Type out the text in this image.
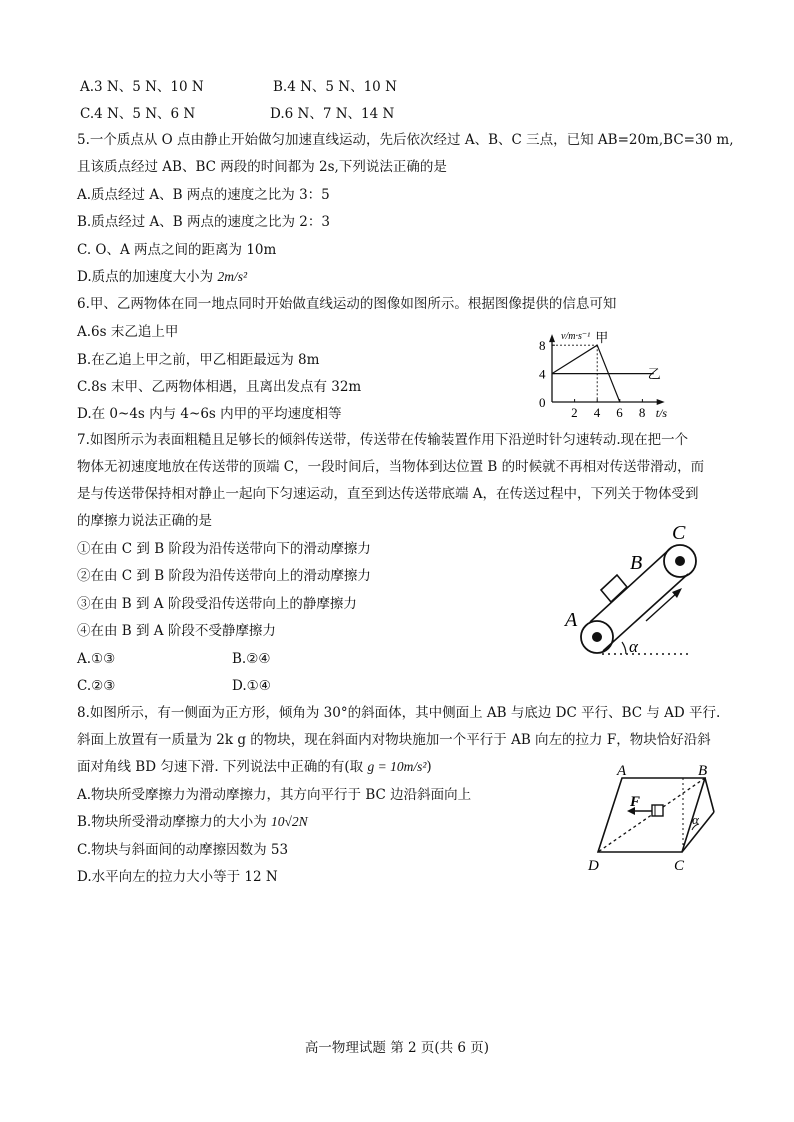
A.3 N、5 N、10 N	B.4 N、5 N、10 N
C.4 N、5 N、6 N	D.6 N、7 N、14 N
5.一个质点从 O 点由静止开始做匀加速直线运动，先后依次经过 A、B、C 三点，已知 AB=20m,BC=30 m,
且该质点经过 AB、BC 两段的时间都为 2s,下列说法正确的是
A.质点经过 A、B 两点的速度之比为 3：5
B.质点经过 A、B 两点的速度之比为 2：3
C. O、A 两点之间的距离为 10m
D.质点的加速度大小为 2m/s²
6.甲、乙两物体在同一地点同时开始做直线运动的图像如图所示。根据图像提供的信息可知
A.6s 末乙追上甲
B.在乙追上甲之前，甲乙相距最远为 8m
C.8s 末甲、乙两物体相遇，且离出发点有 32m
D.在 0~4s 内与 4~6s 内甲的平均速度相等
v/m·s⁻¹
t/s
2 4 6 8
0
4
8
甲
乙
7.如图所示为表面粗糙且足够长的倾斜传送带，传送带在传输装置作用下沿逆时针匀速转动.现在把一个
物体无初速度地放在传送带的顶端 C，一段时间后，当物体到达位置 B 的时候就不再相对传送带滑动，而
是与传送带保持相对静止一起向下匀速运动，直至到达传送带底端 A，在传送过程中，下列关于物体受到
的摩擦力说法正确的是
①在由 C 到 B 阶段为沿传送带向下的滑动摩擦力
②在由 C 到 B 阶段为沿传送带向上的滑动摩擦力
③在由 B 到 A 阶段受沿传送带向上的静摩擦力
④在由 B 到 A 阶段不受静摩擦力
A.①③	B.②④
C.②③	D.①④
A
B
C
α
8.如图所示，有一侧面为正方形，倾角为 30°的斜面体，其中侧面上 AB 与底边 DC 平行、BC 与 AD 平行.
斜面上放置有一质量为 2k g 的物块，现在斜面内对物块施加一个平行于 AB 向左的拉力 F，物块恰好沿斜
面对角线 BD 匀速下滑. 下列说法中正确的有(取 g = 10m/s²)
A.物块所受摩擦力为滑动摩擦力，其方向平行于 BC 边沿斜面向上
B.物块所受滑动摩擦力的大小为 10√2N
C.物块与斜面间的动摩擦因数为 53
D.水平向左的拉力大小等于 12 N
A	B
C
D
F
α
高一物理试题 第 2 页(共 6 页)
